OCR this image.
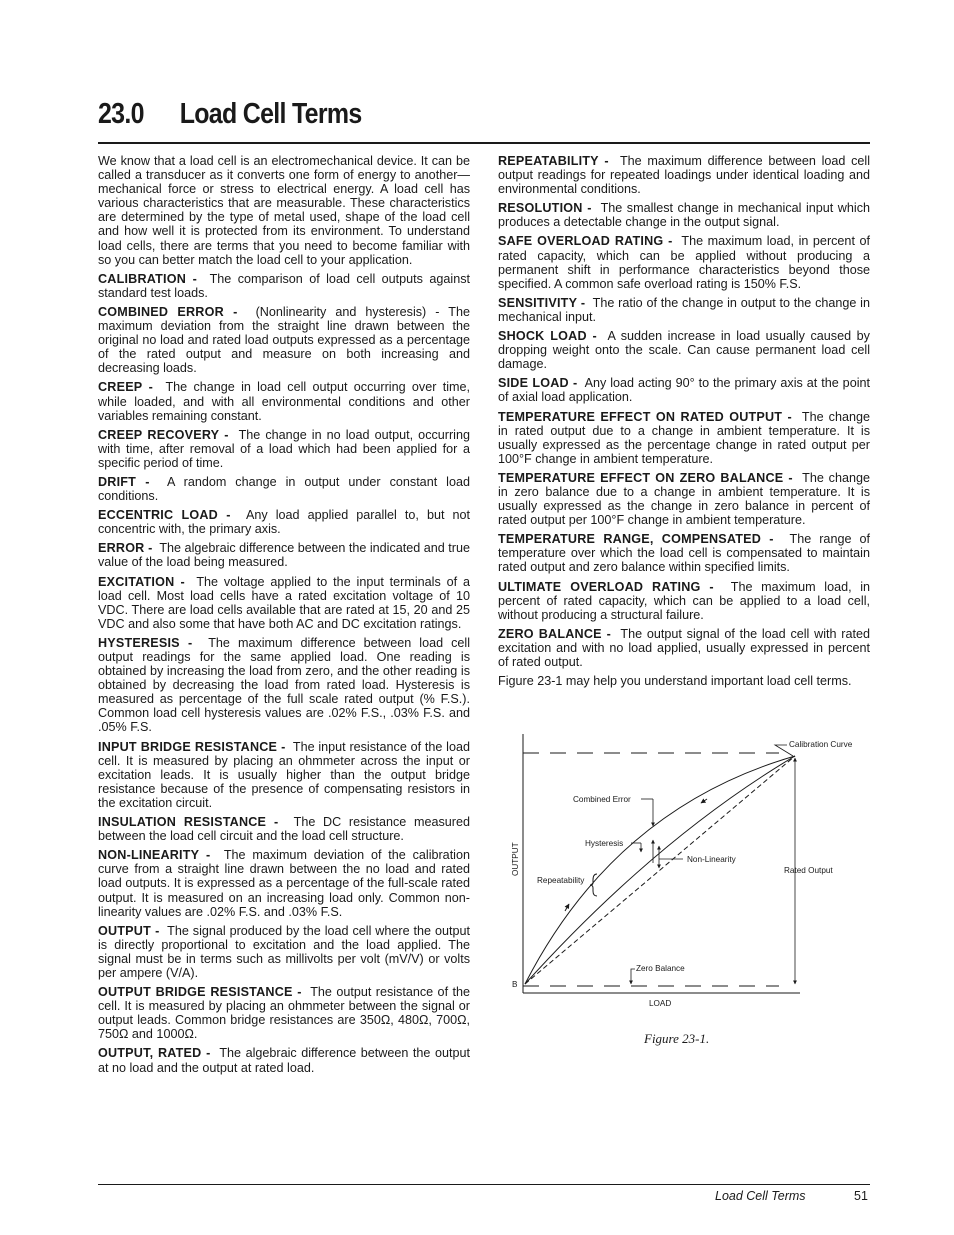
23.0 Load Cell Terms

We know that a load cell is an electromechanical device. It can be called a transducer as it converts one form of energy to another—mechanical force or stress to electrical energy. A load cell has various characteristics that are measurable. These characteristics are determined by the type of metal used, shape of the load cell and how well it is protected from its environment. To understand load cells, there are terms that you need to become familiar with so you can better match the load cell to your application.

CALIBRATION - The comparison of load cell outputs against standard test loads.

COMBINED ERROR - (Nonlinearity and hysteresis) - The maximum deviation from the straight line drawn between the original no load and rated load outputs expressed as a percentage of the rated output and measure on both increasing and decreasing loads.

CREEP - The change in load cell output occurring over time, while loaded, and with all environmental conditions and other variables remaining constant.

CREEP RECOVERY - The change in no load output, occurring with time, after removal of a load which had been applied for a specific period of time.

DRIFT - A random change in output under constant load conditions.

ECCENTRIC LOAD - Any load applied parallel to, but not concentric with, the primary axis.

ERROR - The algebraic difference between the indicated and true value of the load being measured.

EXCITATION - The voltage applied to the input terminals of a load cell. Most load cells have a rated excitation voltage of 10 VDC. There are load cells available that are rated at 15, 20 and 25 VDC and also some that have both AC and DC excitation ratings.

HYSTERESIS - The maximum difference between load cell output readings for the same applied load. One reading is obtained by increasing the load from zero, and the other reading is obtained by decreasing the load from rated load. Hysteresis is measured as percentage of the full scale rated output (% F.S.). Common load cell hysteresis values are .02% F.S., .03% F.S. and .05% F.S.

INPUT BRIDGE RESISTANCE - The input resistance of the load cell. It is measured by placing an ohmmeter across the input or excitation leads. It is usually higher than the output bridge resistance because of the presence of compensating resistors in the excitation circuit.

INSULATION RESISTANCE - The DC resistance measured between the load cell circuit and the load cell structure.

NON-LINEARITY - The maximum deviation of the calibration curve from a straight line drawn between the no load and rated load outputs. It is expressed as a percentage of the full-scale rated output. It is measured on an increasing load only. Common non-linearity values are .02% F.S. and .03% F.S.

OUTPUT - The signal produced by the load cell where the output is directly proportional to excitation and the load applied. The signal must be in terms such as millivolts per volt (mV/V) or volts per ampere (V/A).

OUTPUT BRIDGE RESISTANCE - The output resistance of the cell. It is measured by placing an ohmmeter between the signal or output leads. Common bridge resistances are 350Ω, 480Ω, 700Ω, 750Ω and 1000Ω.

OUTPUT, RATED - The algebraic difference between the output at no load and the output at rated load.

REPEATABILITY - The maximum difference between load cell output readings for repeated loadings under identical loading and environmental conditions.

RESOLUTION - The smallest change in mechanical input which produces a detectable change in the output signal.

SAFE OVERLOAD RATING - The maximum load, in percent of rated capacity, which can be applied without producing a permanent shift in performance characteristics beyond those specified. A common safe overload rating is 150% F.S.

SENSITIVITY - The ratio of the change in output to the change in mechanical input.

SHOCK LOAD - A sudden increase in load usually caused by dropping weight onto the scale. Can cause permanent load cell damage.

SIDE LOAD - Any load acting 90° to the primary axis at the point of axial load application.

TEMPERATURE EFFECT ON RATED OUTPUT - The change in rated output due to a change in ambient temperature. It is usually expressed as the percentage change in rated output per 100°F change in ambient temperature.

TEMPERATURE EFFECT ON ZERO BALANCE - The change in zero balance due to a change in ambient temperature. It is usually expressed as the change in zero balance in percent of rated output per 100°F change in ambient temperature.

TEMPERATURE RANGE, COMPENSATED - The range of temperature over which the load cell is compensated to maintain rated output and zero balance within specified limits.

ULTIMATE OVERLOAD RATING - The maximum load, in percent of rated capacity, which can be applied to a load cell, without producing a structural failure.

ZERO BALANCE - The output signal of the load cell with rated excitation and with no load applied, usually expressed in percent of rated output.

Figure 23-1 may help you understand important load cell terms.

Calibration Curve
Combined Error
Hysteresis
Non-Linearity
Repeatability
Rated Output
Zero Balance
OUTPUT
LOAD
B

Figure 23-1.

Load Cell Terms	51
